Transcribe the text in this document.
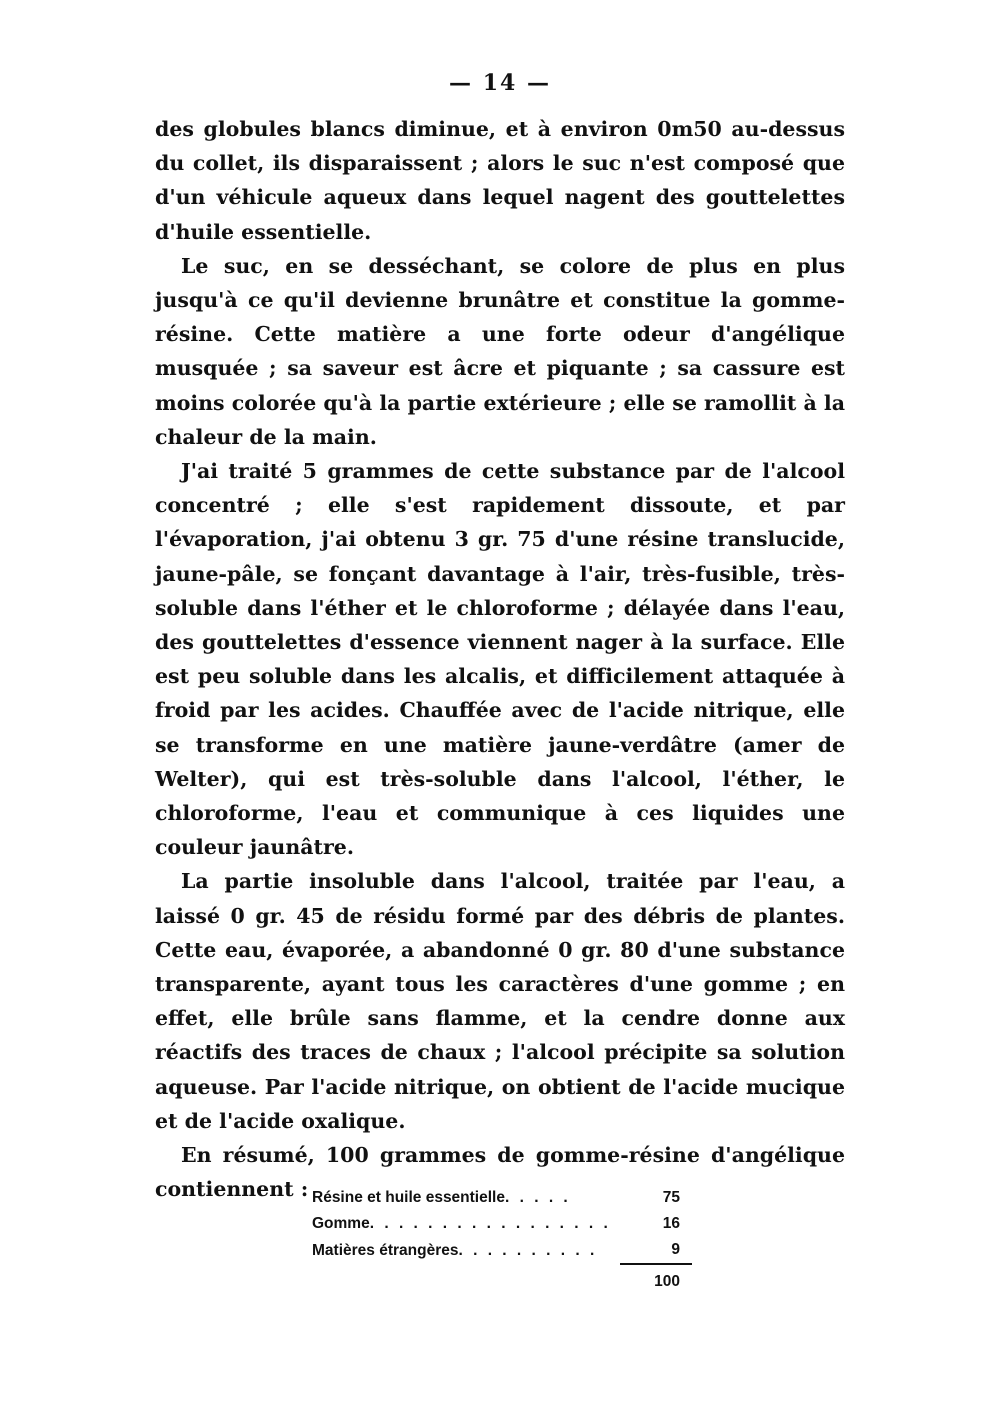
— 14 —

des globules blancs diminue, et à environ 0m50 au-dessus du collet, ils disparaissent ; alors le suc n'est composé que d'un véhicule aqueux dans lequel nagent des gouttelettes d'huile essentielle.

Le suc, en se desséchant, se colore de plus en plus jusqu'à ce qu'il devienne brunâtre et constitue la gomme-résine. Cette matière a une forte odeur d'angélique musquée ; sa saveur est âcre et piquante ; sa cassure est moins colorée qu'à la partie extérieure ; elle se ramollit à la chaleur de la main.

J'ai traité 5 grammes de cette substance par de l'alcool concentré ; elle s'est rapidement dissoute, et par l'évaporation, j'ai obtenu 3 gr. 75 d'une résine translucide, jaune-pâle, se fonçant davantage à l'air, très-fusible, très-soluble dans l'éther et le chloroforme ; délayée dans l'eau, des gouttelettes d'essence viennent nager à la surface. Elle est peu soluble dans les alcalis, et difficilement attaquée à froid par les acides. Chauffée avec de l'acide nitrique, elle se transforme en une matière jaune-verdâtre (amer de Welter), qui est très-soluble dans l'alcool, l'éther, le chloroforme, l'eau et communique à ces liquides une couleur jaunâtre.

La partie insoluble dans l'alcool, traitée par l'eau, a laissé 0 gr. 45 de résidu formé par des débris de plantes. Cette eau, évaporée, a abandonné 0 gr. 80 d'une substance transparente, ayant tous les caractères d'une gomme ; en effet, elle brûle sans flamme, et la cendre donne aux réactifs des traces de chaux ; l'alcool précipite sa solution aqueuse. Par l'acide nitrique, on obtient de l'acide mucique et de l'acide oxalique.

En résumé, 100 grammes de gomme-résine d'angélique contiennent : Résine et huile essentielle. . . . .	75
Gomme. . . . . . . . . . . . . . . . .	16
Matières étrangères. . . . . . . . . .	9
	100
